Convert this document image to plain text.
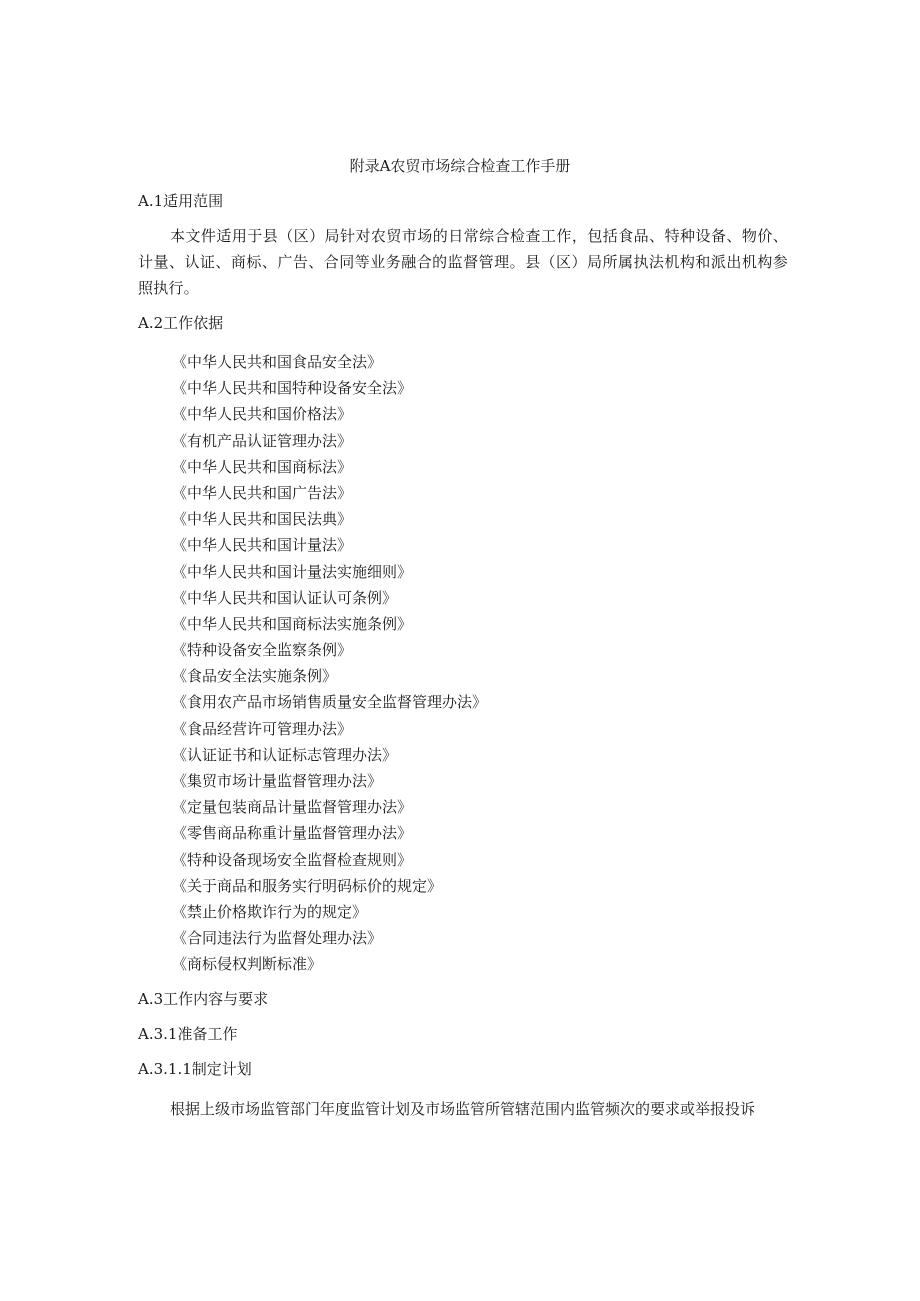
附录A农贸市场综合检查工作手册
A.1适用范围
本文件适用于县（区）局针对农贸市场的日常综合检查工作，包括食品、特种设备、物价、计量、认证、商标、广告、合同等业务融合的监督管理。县（区）局所属执法机构和派出机构参照执行。
A.2工作依据
《中华人民共和国食品安全法》
《中华人民共和国特种设备安全法》
《中华人民共和国价格法》
《有机产品认证管理办法》
《中华人民共和国商标法》
《中华人民共和国广告法》
《中华人民共和国民法典》
《中华人民共和国计量法》
《中华人民共和国计量法实施细则》
《中华人民共和国认证认可条例》
《中华人民共和国商标法实施条例》
《特种设备安全监察条例》
《食品安全法实施条例》
《食用农产品市场销售质量安全监督管理办法》
《食品经营许可管理办法》
《认证证书和认证标志管理办法》
《集贸市场计量监督管理办法》
《定量包装商品计量监督管理办法》
《零售商品称重计量监督管理办法》
《特种设备现场安全监督检查规则》
《关于商品和服务实行明码标价的规定》
《禁止价格欺诈行为的规定》
《合同违法行为监督处理办法》
《商标侵权判断标准》
A.3工作内容与要求
A.3.1准备工作
A.3.1.1制定计划
根据上级市场监管部门年度监管计划及市场监管所管辖范围内监管频次的要求或举报投诉
